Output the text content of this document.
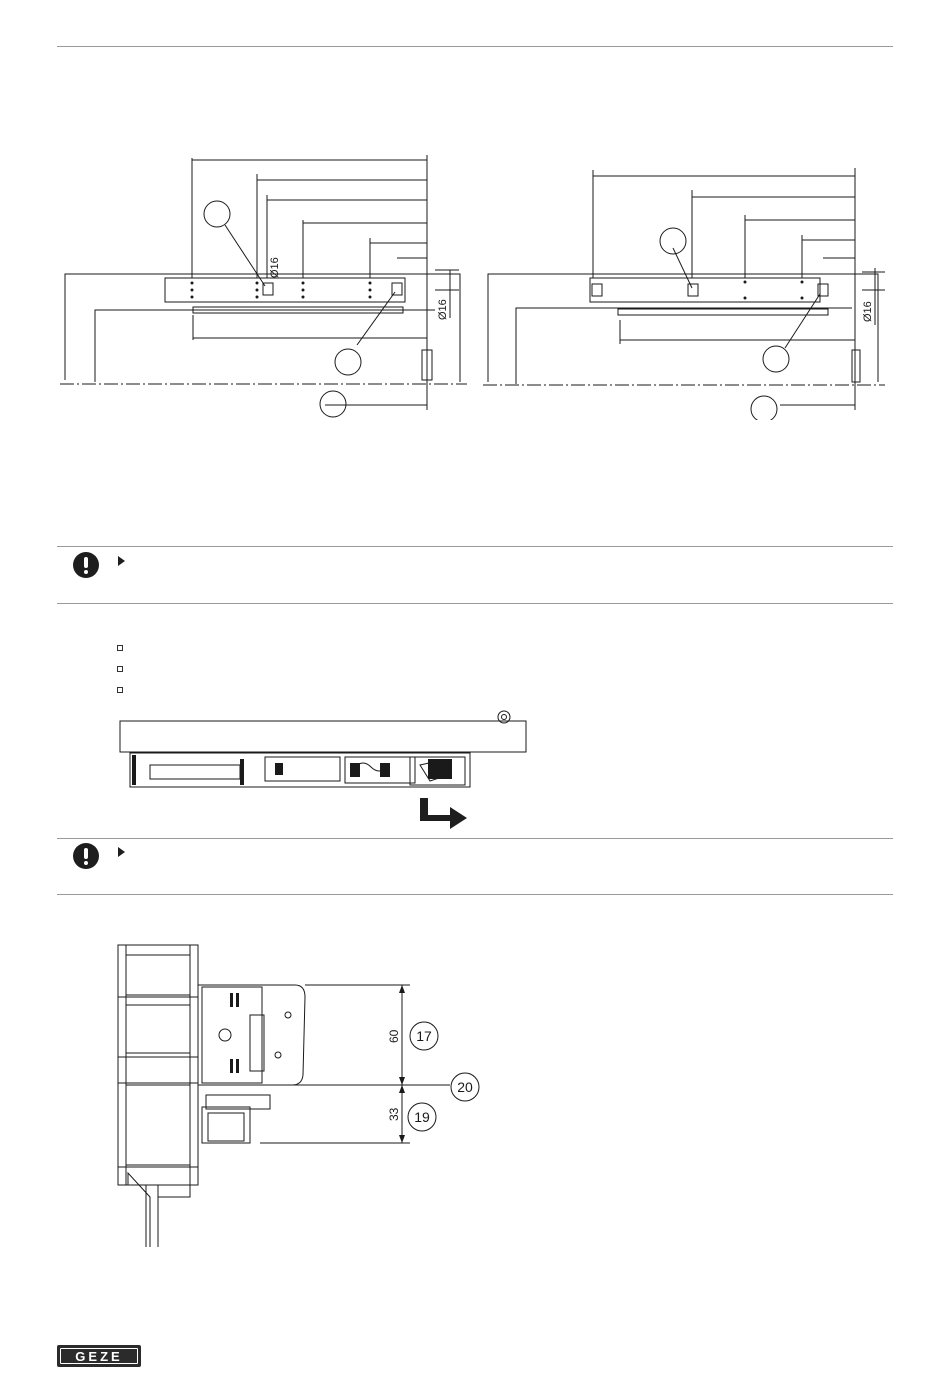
Ø16
Ø16	Ø16
60
33
17
20
19
GEZE
